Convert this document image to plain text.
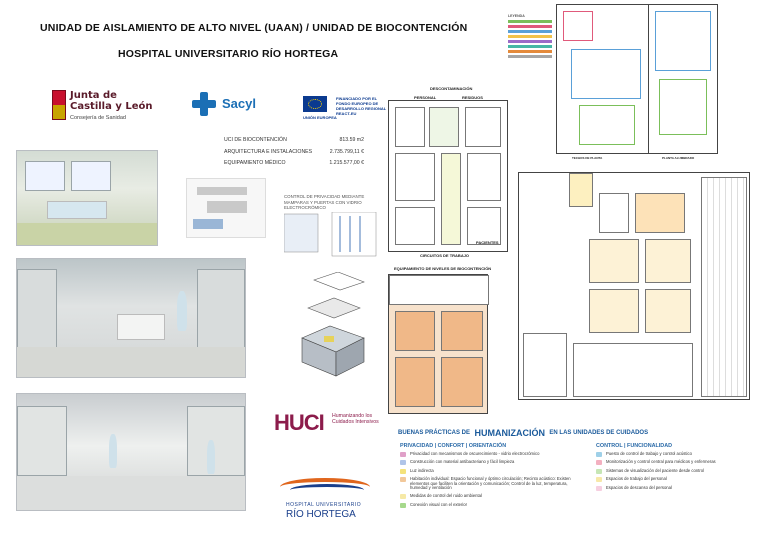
UNIDAD DE AISLAMIENTO DE ALTO NIVEL (UAAN) / UNIDAD DE BIOCONTENCIÓN
HOSPITAL UNIVERSITARIO RÍO HORTEGA
Junta de
Castilla y León
Consejería de Sanidad
Sacyl
UNIÓN EUROPEA
FINANCIADO POR EL FONDO EUROPEO DE DESARROLLO REGIONAL REACT-EU
UCI DE BIOCONTENCIÓN	813.59 m2
ARQUITECTURA E INSTALACIONES	2.735.799,11 €
EQUIPAMIENTO MÉDICO	1.215.577,00 €
CONTROL DE PRIVACIDAD MEDIANTE MAMPARAS Y PUERTAS CON VIDRIO ELECTROCRÓMICO
DESCONTAMINACIÓN
PERSONAL	RESIDUOS
CIRCUITOS DE TRABAJO
PACIENTES
EQUIPAMIENTO DE NIVELES DE BIOCONTENCIÓN
LEYENDA
TECHOS DE PLANTA	PLANTA ALUMBRADO
HUCI Humanizando los Cuidados Intensivos
HOSPITAL UNIVERSITARIO
RÍO HORTEGA
BUENAS PRÁCTICAS DE HUMANIZACIÓN EN LAS UNIDADES DE CUIDADOS
PRIVACIDAD | CONFORT | ORIENTACIÓN	CONTROL | FUNCIONALIDAD
Privacidad con mecanismos de oscurecimiento - vidrio electrocrómico
Construcción con material antibacteriano y fácil limpieza
Luz indirecta
Habitación individual: Espacio funcional y óptimo circulación; Recinto acústico: Existen elementos que faciliten la orientación y comunicación; Control de la luz, temperatura, humedad y ventilación
Medidas de control del ruido ambiental
Conexión visual con el exterior
Puesto de control de trabajo y control acústico
Monitorización y control central para médicos y enfermeras
Sistemas de visualización del paciente desde control
Espacios de trabajo del personal
Espacios de descanso del personal
